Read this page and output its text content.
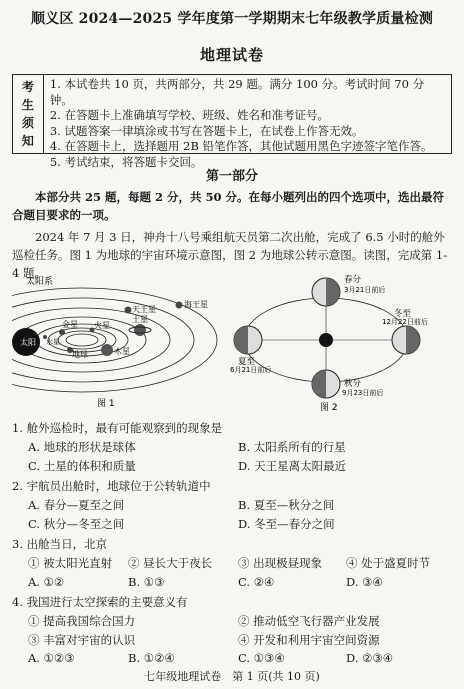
顺义区 2024—2025 学年度第一学期期末七年级教学质量检测
地理试卷
考
生
须
知
1. 本试卷共 10 页，共两部分，共 29 题。满分 100 分。考试时间 70 分钟。
2. 在答题卡上准确填写学校、班级、姓名和准考证号。
3. 试题答案一律填涂或书写在答题卡上，在试卷上作答无效。
4. 在答题卡上，选择题用 2B 铅笔作答，其他试题用黑色字迹签字笔作答。
5. 考试结束，将答题卡交回。
第一部分
本部分共 25 题，每题 2 分，共 50 分。在每小题列出的四个选项中，选出最符合题目要求的一项。
2024 年 7 月 3 日，神舟十八号乘组航天员第二次出舱，完成了 6.5 小时的舱外巡检任务。图 1 为地球的宇宙环境示意图，图 2 为地球公转示意图。读图，完成第 1-4 题。
太阳系
太阳
天王星
海王星
土星
金星 火星
水星
地球	木星
图 1
春分
3月21日前后
冬至
12月22日前后
夏至
6月21日前后
秋分
9月23日前后
图 2
1. 舱外巡检时，最有可能观察到的现象是
A. 地球的形状是球体	B. 太阳系所有的行星
C. 土星的体积和质量	D. 天王星离太阳最近
2. 宇航员出舱时，地球位于公转轨道中
A. 春分—夏至之间	B. 夏至—秋分之间
C. 秋分—冬至之间	D. 冬至—春分之间
3. 出舱当日，北京
① 被太阳光直射 ② 昼长大于夜长 ③ 出现极昼现象 ④ 处于盛夏时节
A. ①②	B. ①③	C. ②④	D. ③④
4. 我国进行太空探索的主要意义有
① 提高我国综合国力	② 推动低空飞行器产业发展
③ 丰富对宇宙的认识	④ 开发和利用宇宙空间资源
A. ①②③	B. ①②④	C. ①③④	D. ②③④
七年级地理试卷　第 1 页(共 10 页)
